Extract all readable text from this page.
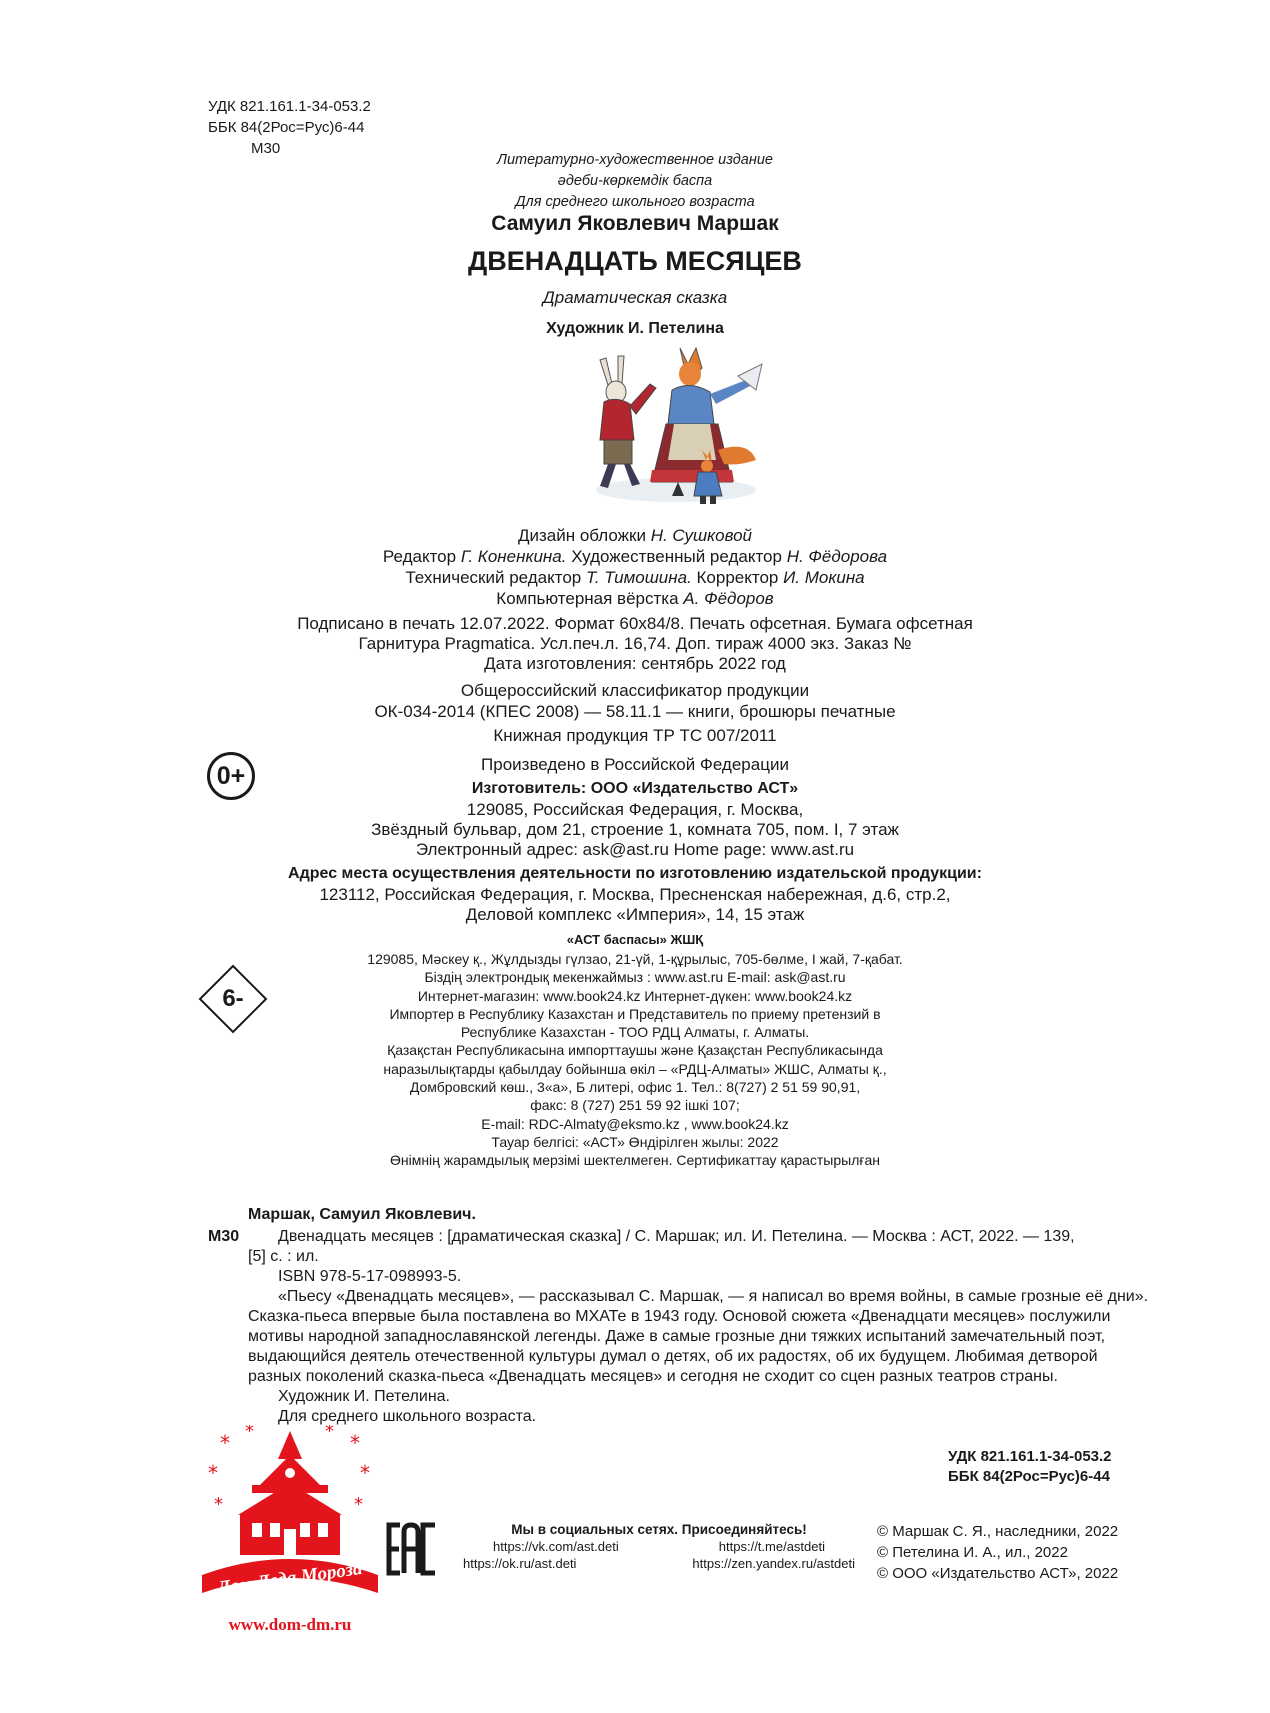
УДК 821.161.1-34-053.2
ББК 84(2Рос=Рус)6-44
М30
Литературно-художественное издание
әдеби-көркемдік баспа
Для среднего школьного возраста
Самуил Яковлевич Маршак
ДВЕНАДЦАТЬ МЕСЯЦЕВ
Драматическая сказка
Художник И. Петелина
Дизайн обложки Н. Сушковой
Редактор Г. Коненкина. Художественный редактор Н. Фёдорова
Технический редактор Т. Тимошина. Корректор И. Мокина
Компьютерная вёрстка А. Фёдоров
Подписано в печать 12.07.2022. Формат 60x84/8. Печать офсетная. Бумага офсетная
Гарнитура Pragmatica. Усл.печ.л. 16,74. Доп. тираж 4000 экз. Заказ №
Дата изготовления: сентябрь 2022 год
Общероссийский классификатор продукции
ОК-034-2014 (КПЕС 2008) — 58.11.1 — книги, брошюры печатные
Книжная продукция ТР ТС 007/2011
Произведено в Российской Федерации
Изготовитель: ООО «Издательство АСТ»
129085, Российская Федерация, г. Москва,
Звёздный бульвар, дом 21, строение 1, комната 705, пом. I, 7 этаж
Электронный адрес: ask@ast.ru Home page: www.ast.ru
Адрес места осуществления деятельности по изготовлению издательской продукции:
123112, Российская Федерация, г. Москва, Пресненская набережная, д.6, стр.2,
Деловой комплекс «Империя», 14, 15 этаж
«АСТ баспасы» ЖШҚ
129085, Мәскеу қ., Жұлдызды гүлзао, 21-үй, 1-құрылыс, 705-бөлме, I жай, 7-қабат.
Біздің электрондық мекенжаймыз : www.ast.ru E-mail: ask@ast.ru
Интернет-магазин: www.book24.kz Интернет-дүкен: www.book24.kz
Импортер в Республику Казахстан и Представитель по приему претензий в
Республике Казахстан - ТОО РДЦ Алматы, г. Алматы.
Қазақстан Республикасына импорттаушы және Қазақстан Республикасында
наразылықтарды қабылдау бойынша өкіл – «РДЦ-Алматы» ЖШС, Алматы қ.,
Домбровский көш., 3«а», Б литері, офис 1. Тел.: 8(727) 2 51 59 90,91,
факс: 8 (727) 251 59 92 ішкі 107;
E-mail: RDC-Almaty@eksmo.kz , www.book24.kz
Тауар белгісі: «АСТ» Өндірілген жылы: 2022
Өнімнің жарамдылық мерзімі шектелмеген. Сертификаттау қарастырылған
0+
6-
Маршак, Самуил Яковлевич.
М30	Двенадцать месяцев : [драматическая сказка] / С. Маршак; ил. И. Петелина. — Москва : АСТ, 2022. — 139,
[5] с. : ил.
ISBN 978-5-17-098993-5.
«Пьесу «Двенадцать месяцев», — рассказывал С. Маршак, — я написал во время войны, в самые грозные её дни».
Сказка-пьеса впервые была поставлена во МХАТе в 1943 году. Основой сюжета «Двенадцати месяцев» послужили
мотивы народной западнославянской легенды. Даже в самые грозные дни тяжких испытаний замечательный поэт,
выдающийся деятель отечественной культуры думал о детях, об их радостях, об их будущем. Любимая детворой
разных поколений сказка-пьеса «Двенадцать месяцев» и сегодня не сходит со сцен разных театров страны.
Художник И. Петелина.
Для среднего школьного возраста.
УДК 821.161.1-34-053.2
ББК 84(2Рос=Рус)6-44
* *	* *
*	*
*	*
Дом Деда Мороза
www.dom-dm.ru
Мы в социальных сетях. Присоединяйтесь!
https://vk.com/ast.deti	https://t.me/astdeti
https://ok.ru/ast.deti	https://zen.yandex.ru/astdeti
© Маршак С. Я., наследники, 2022
© Петелина И. А., ил., 2022
© ООО «Издательство АСТ», 2022
